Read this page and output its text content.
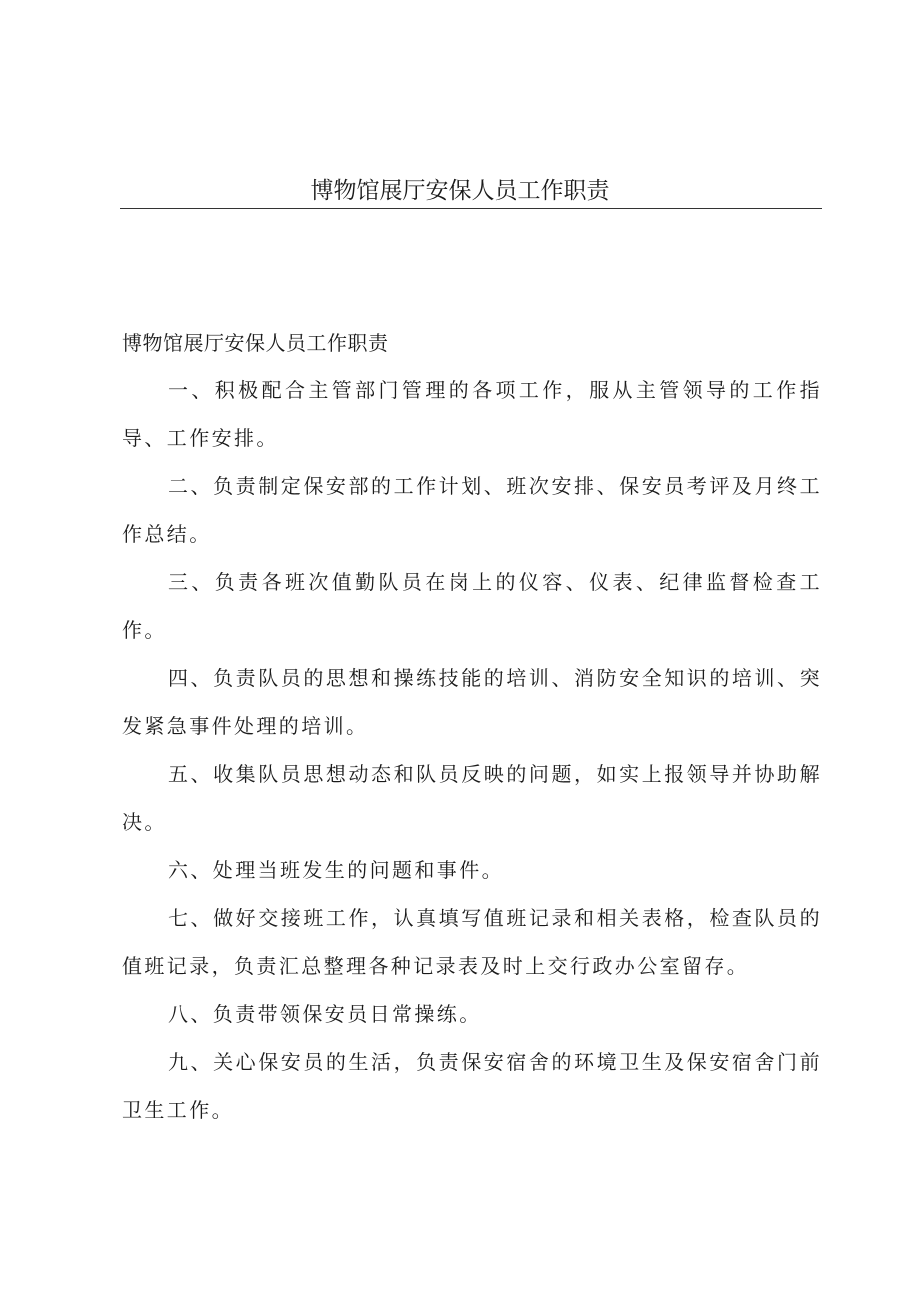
博物馆展厅安保人员工作职责

博物馆展厅安保人员工作职责

一、积极配合主管部门管理的各项工作，服从主管领导的工作指导、工作安排。

二、负责制定保安部的工作计划、班次安排、保安员考评及月终工作总结。

三、负责各班次值勤队员在岗上的仪容、仪表、纪律监督检查工作。

四、负责队员的思想和操练技能的培训、消防安全知识的培训、突发紧急事件处理的培训。

五、收集队员思想动态和队员反映的问题，如实上报领导并协助解决。

六、处理当班发生的问题和事件。

七、做好交接班工作，认真填写值班记录和相关表格，检查队员的值班记录，负责汇总整理各种记录表及时上交行政办公室留存。

八、负责带领保安员日常操练。

九、关心保安员的生活，负责保安宿舍的环境卫生及保安宿舍门前卫生工作。
